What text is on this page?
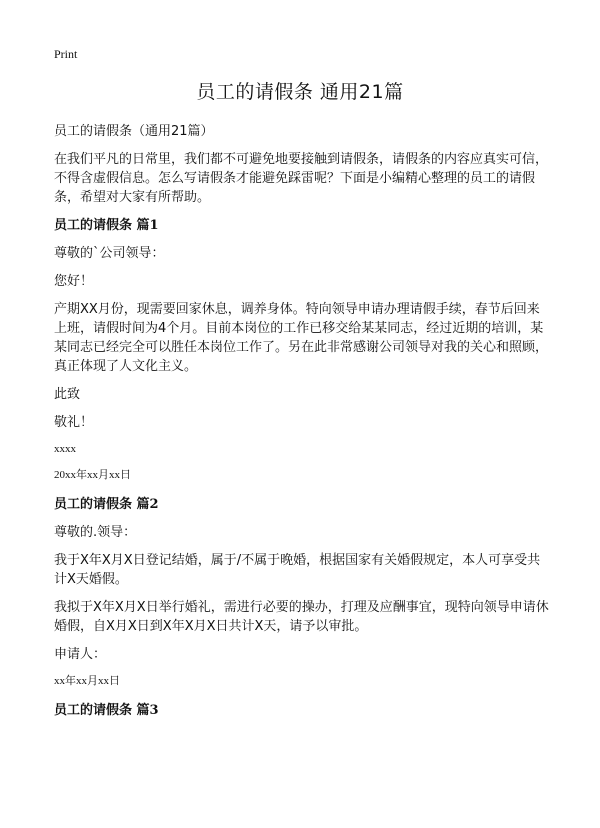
Print
员工的请假条 通用21篇

员工的请假条（通用21篇）

在我们平凡的日常里，我们都不可避免地要接触到请假条，请假条的内容应真实可信，不得含虚假信息。怎么写请假条才能避免踩雷呢？下面是小编精心整理的员工的请假条，希望对大家有所帮助。

员工的请假条 篇1

尊敬的`公司领导：

您好！

产期XX月份，现需要回家休息，调养身体。特向领导申请办理请假手续，春节后回来上班，请假时间为4个月。目前本岗位的工作已移交给某某同志，经过近期的培训，某某同志已经完全可以胜任本岗位工作了。另在此非常感谢公司领导对我的关心和照顾，真正体现了人文化主义。

此致

敬礼！

xxxx

20xx年xx月xx日

员工的请假条 篇2

尊敬的.领导：

我于X年X月X日登记结婚，属于/不属于晚婚，根据国家有关婚假规定，本人可享受共计X天婚假。

我拟于X年X月X日举行婚礼，需进行必要的操办，打理及应酬事宜，现特向领导申请休婚假，自X月X日到X年X月X日共计X天，请予以审批。

申请人：

xx年xx月xx日

员工的请假条 篇3
